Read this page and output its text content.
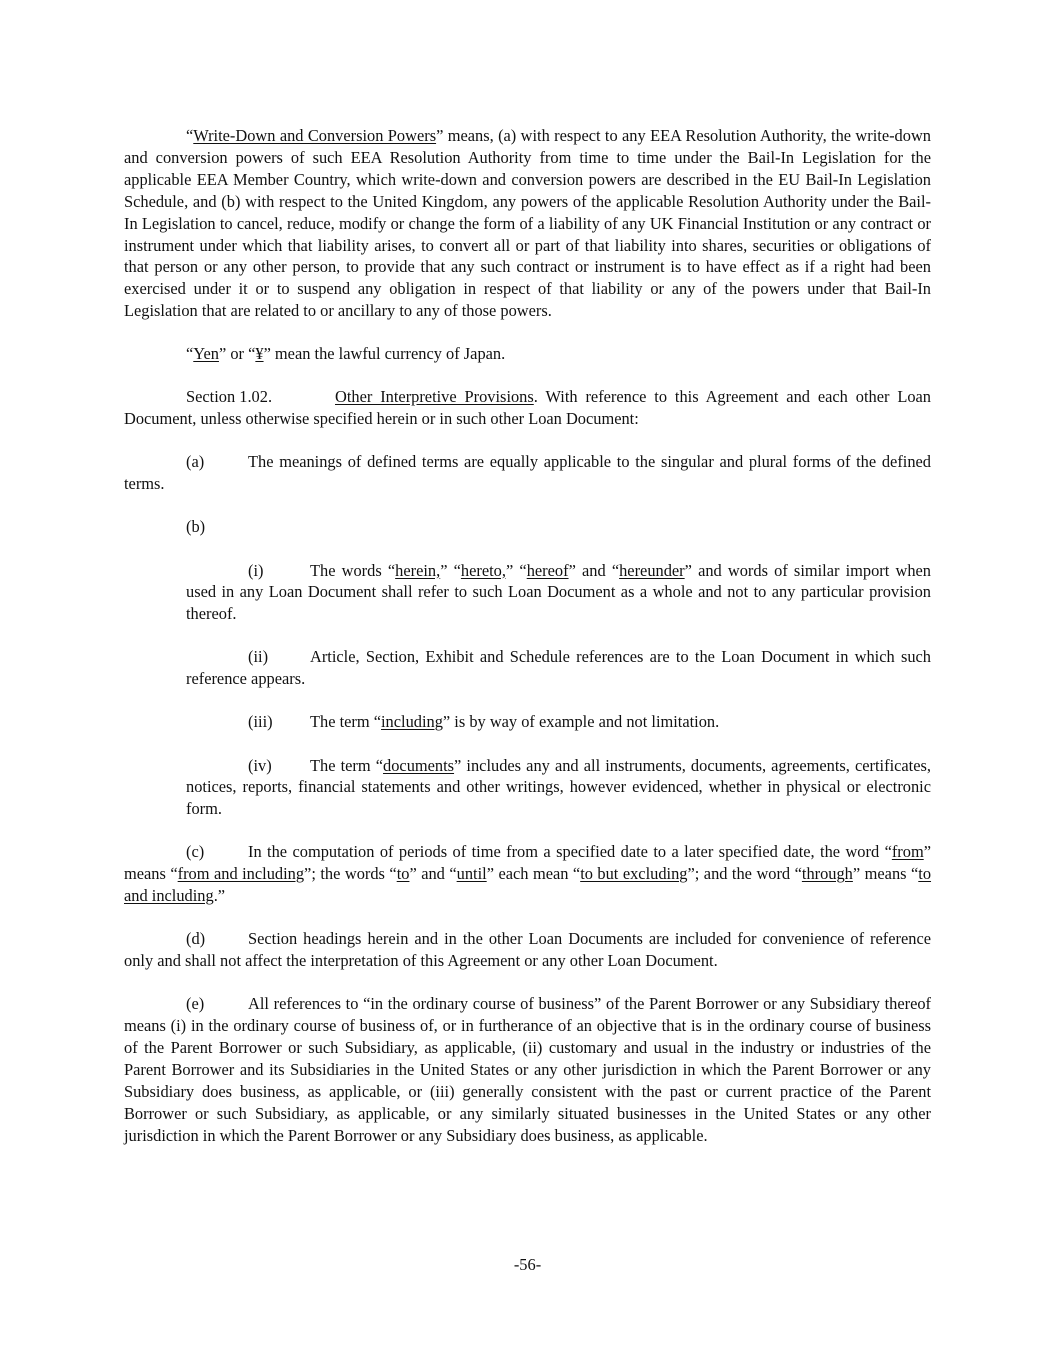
“Write-Down and Conversion Powers” means, (a) with respect to any EEA Resolution Authority, the write-down and conversion powers of such EEA Resolution Authority from time to time under the Bail-In Legislation for the applicable EEA Member Country, which write-down and conversion powers are described in the EU Bail-In Legislation Schedule, and (b) with respect to the United Kingdom, any powers of the applicable Resolution Authority under the Bail-In Legislation to cancel, reduce, modify or change the form of a liability of any UK Financial Institution or any contract or instrument under which that liability arises, to convert all or part of that liability into shares, securities or obligations of that person or any other person, to provide that any such contract or instrument is to have effect as if a right had been exercised under it or to suspend any obligation in respect of that liability or any of the powers under that Bail-In Legislation that are related to or ancillary to any of those powers.

“Yen” or “¥” mean the lawful currency of Japan.

Section 1.02.	Other Interpretive Provisions. With reference to this Agreement and each other Loan Document, unless otherwise specified herein or in such other Loan Document:

(a)	The meanings of defined terms are equally applicable to the singular and plural forms of the defined terms.

(b)

(i)	The words “herein,” “hereto,” “hereof” and “hereunder” and words of similar import when used in any Loan Document shall refer to such Loan Document as a whole and not to any particular provision thereof.

(ii)	Article, Section, Exhibit and Schedule references are to the Loan Document in which such reference appears.

(iii) The term “including” is by way of example and not limitation.

(iv) The term “documents” includes any and all instruments, documents, agreements, certificates, notices, reports, financial statements and other writings, however evidenced, whether in physical or electronic form.

(c)	In the computation of periods of time from a specified date to a later specified date, the word “from” means “from and including”; the words “to” and “until” each mean “to but excluding”; and the word “through” means “to and including.”

(d)	Section headings herein and in the other Loan Documents are included for convenience of reference only and shall not affect the interpretation of this Agreement or any other Loan Document.

(e)	All references to “in the ordinary course of business” of the Parent Borrower or any Subsidiary thereof means (i) in the ordinary course of business of, or in furtherance of an objective that is in the ordinary course of business of the Parent Borrower or such Subsidiary, as applicable, (ii) customary and usual in the industry or industries of the Parent Borrower and its Subsidiaries in the United States or any other jurisdiction in which the Parent Borrower or any Subsidiary does business, as applicable, or (iii) generally consistent with the past or current practice of the Parent Borrower or such Subsidiary, as applicable, or any similarly situated businesses in the United States or any other jurisdiction in which the Parent Borrower or any Subsidiary does business, as applicable.

-56-
